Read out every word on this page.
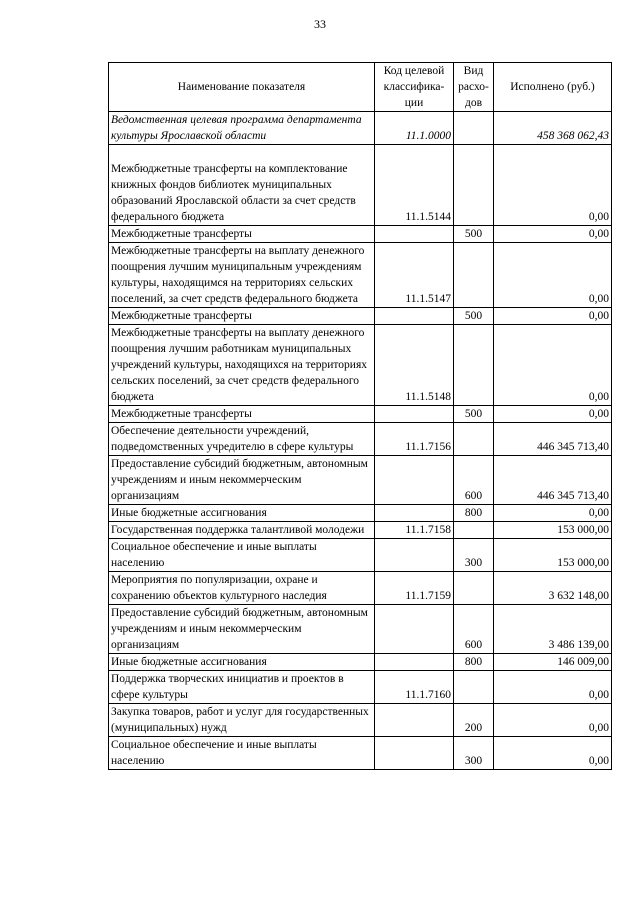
33
Наименование показателя	Код целевой классифика-ции	Вид расхо-дов	Исполнено (руб.)
Ведомственная целевая программа департамента культуры Ярославской области	11.1.0000		458 368 062,43
Межбюджетные трансферты на комплектование книжных фондов библиотек муниципальных образований Ярославской области за счет средств федерального бюджета	11.1.5144		0,00
Межбюджетные трансферты		500	0,00
Межбюджетные трансферты на выплату денежного поощрения лучшим муниципальным учреждениям культуры, находящимся на территориях сельских поселений, за счет средств федерального бюджета	11.1.5147		0,00
Межбюджетные трансферты		500	0,00
Межбюджетные трансферты на выплату денежного поощрения лучшим работникам муниципальных учреждений культуры, находящихся на территориях сельских поселений, за счет средств федерального бюджета	11.1.5148		0,00
Межбюджетные трансферты		500	0,00
Обеспечение деятельности учреждений, подведомственных учредителю в сфере культуры	11.1.7156		446 345 713,40
Предоставление субсидий бюджетным, автономным учреждениям и иным некоммерческим организациям		600	446 345 713,40
Иные бюджетные ассигнования		800	0,00
Государственная поддержка талантливой молодежи	11.1.7158		153 000,00
Социальное обеспечение и иные выплаты населению		300	153 000,00
Мероприятия по популяризации, охране и сохранению объектов культурного наследия	11.1.7159		3 632 148,00
Предоставление субсидий бюджетным, автономным учреждениям и иным некоммерческим организациям		600	3 486 139,00
Иные бюджетные ассигнования		800	146 009,00
Поддержка творческих инициатив и проектов в сфере культуры	11.1.7160		0,00
Закупка товаров, работ и услуг для государственных (муниципальных) нужд		200	0,00
Социальное обеспечение и иные выплаты населению		300	0,00
